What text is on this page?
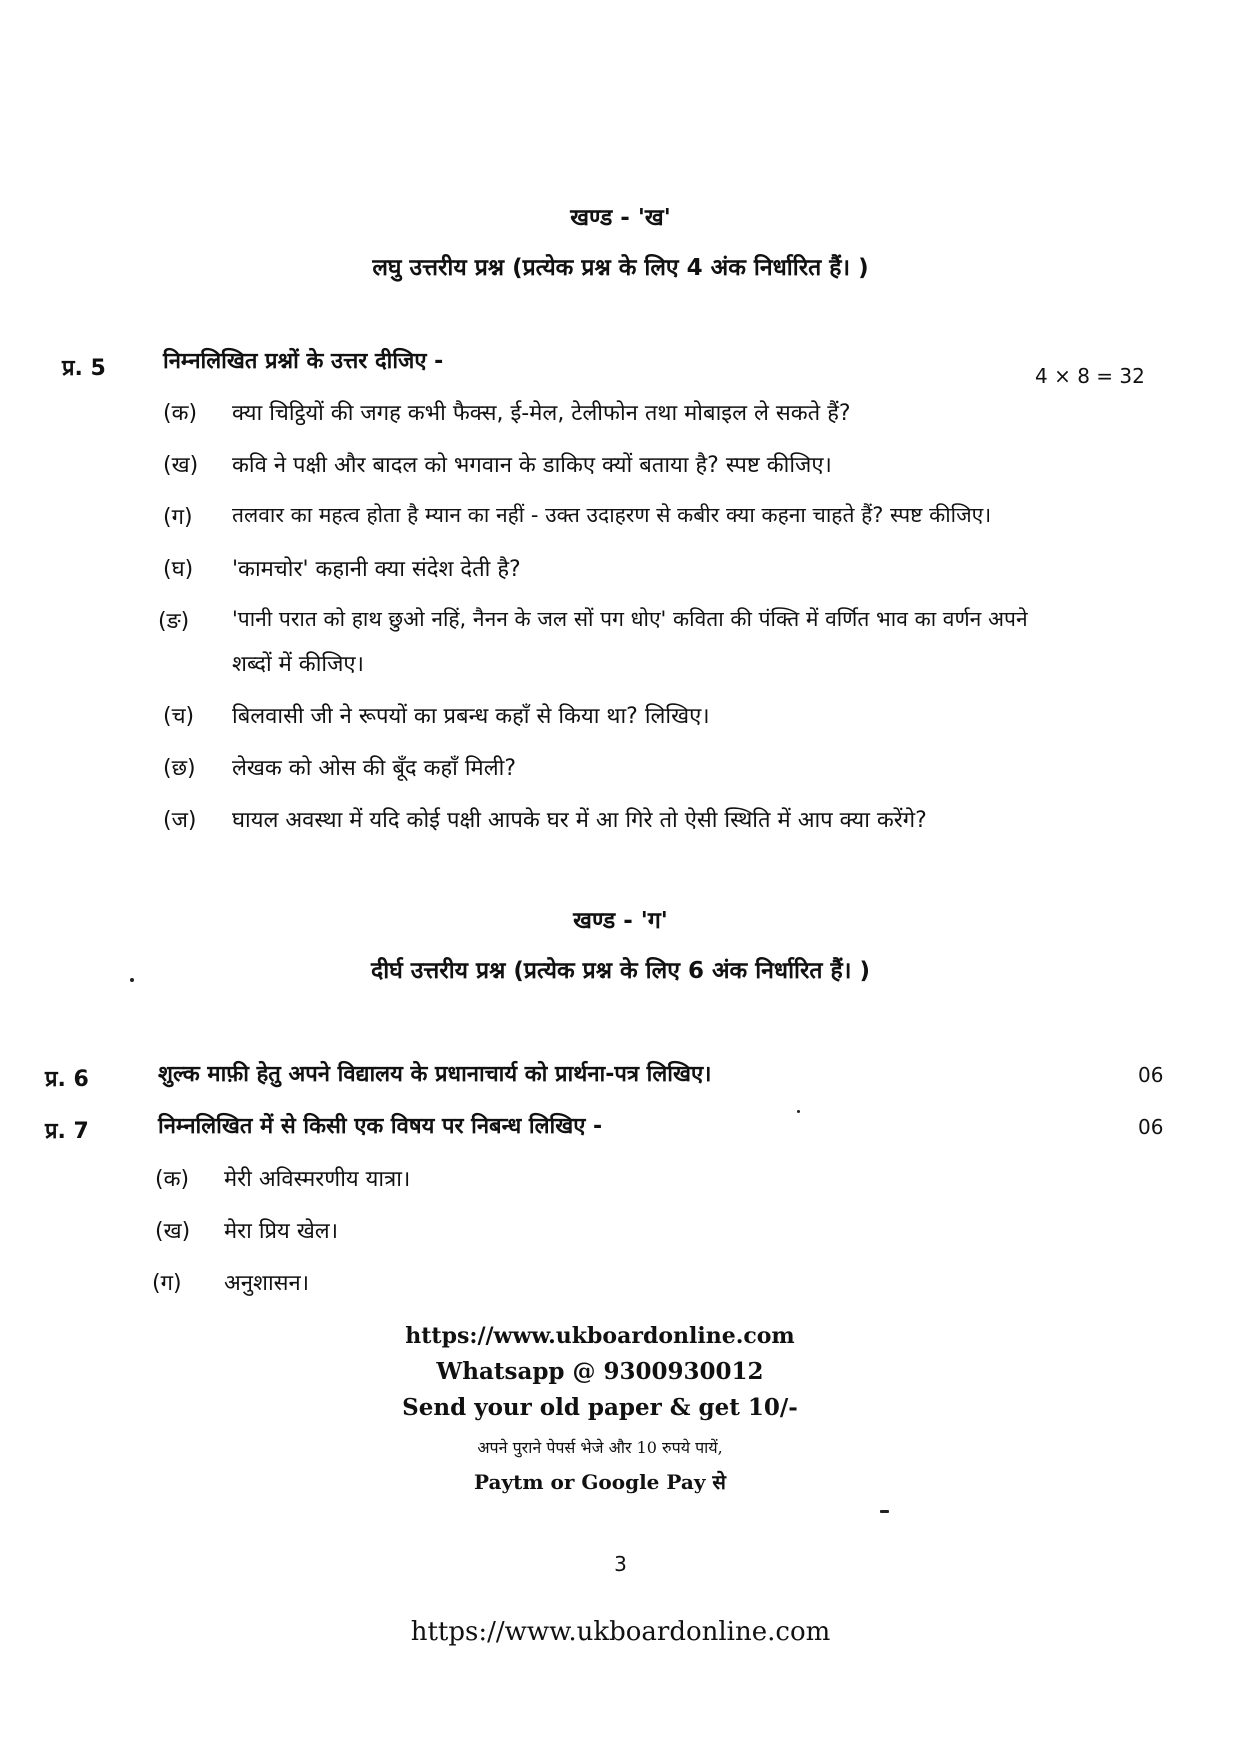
खण्ड - 'ख'
लघु उत्तरीय प्रश्न (प्रत्येक प्रश्न के लिए 4 अंक निर्धारित हैं। )
प्र. 5	निम्नलिखित प्रश्नों के उत्तर दीजिए -
4 × 8 = 32
(क) क्या चिट्ठियों की जगह कभी फैक्स, ई-मेल, टेलीफोन तथा मोबाइल ले सकते हैं?
(ख) कवि ने पक्षी और बादल को भगवान के डाकिए क्यों बताया है? स्पष्ट कीजिए।
(ग) तलवार का महत्व होता है म्यान का नहीं - उक्त उदाहरण से कबीर क्या कहना चाहते हैं? स्पष्ट कीजिए।
(घ) 'कामचोर' कहानी क्या संदेश देती है?
(ङ) 'पानी परात को हाथ छुओ नहिं, नैनन के जल सों पग धोए' कविता की पंक्ति में वर्णित भाव का वर्णन अपने
शब्दों में कीजिए।
(च) बिलवासी जी ने रूपयों का प्रबन्ध कहाँ से किया था? लिखिए।
(छ) लेखक को ओस की बूँद कहाँ मिली?
(ज) घायल अवस्था में यदि कोई पक्षी आपके घर में आ गिरे तो ऐसी स्थिति में आप क्या करेंगे?
खण्ड - 'ग'
दीर्घ उत्तरीय प्रश्न (प्रत्येक प्रश्न के लिए 6 अंक निर्धारित हैं। )
प्र. 6	शुल्क माफ़ी हेतु अपने विद्यालय के प्रधानाचार्य को प्रार्थना-पत्र लिखिए।	06
प्र. 7	निम्नलिखित में से किसी एक विषय पर निबन्ध लिखिए -	06
(क) मेरी अविस्मरणीय यात्रा।
(ख) मेरा प्रिय खेल।
(ग) अनुशासन।
https://www.ukboardonline.com
Whatsapp @ 9300930012
Send your old paper & get 10/-
अपने पुराने पेपर्स भेजे और 10 रुपये पायें,
Paytm or Google Pay से
3
https://www.ukboardonline.com
